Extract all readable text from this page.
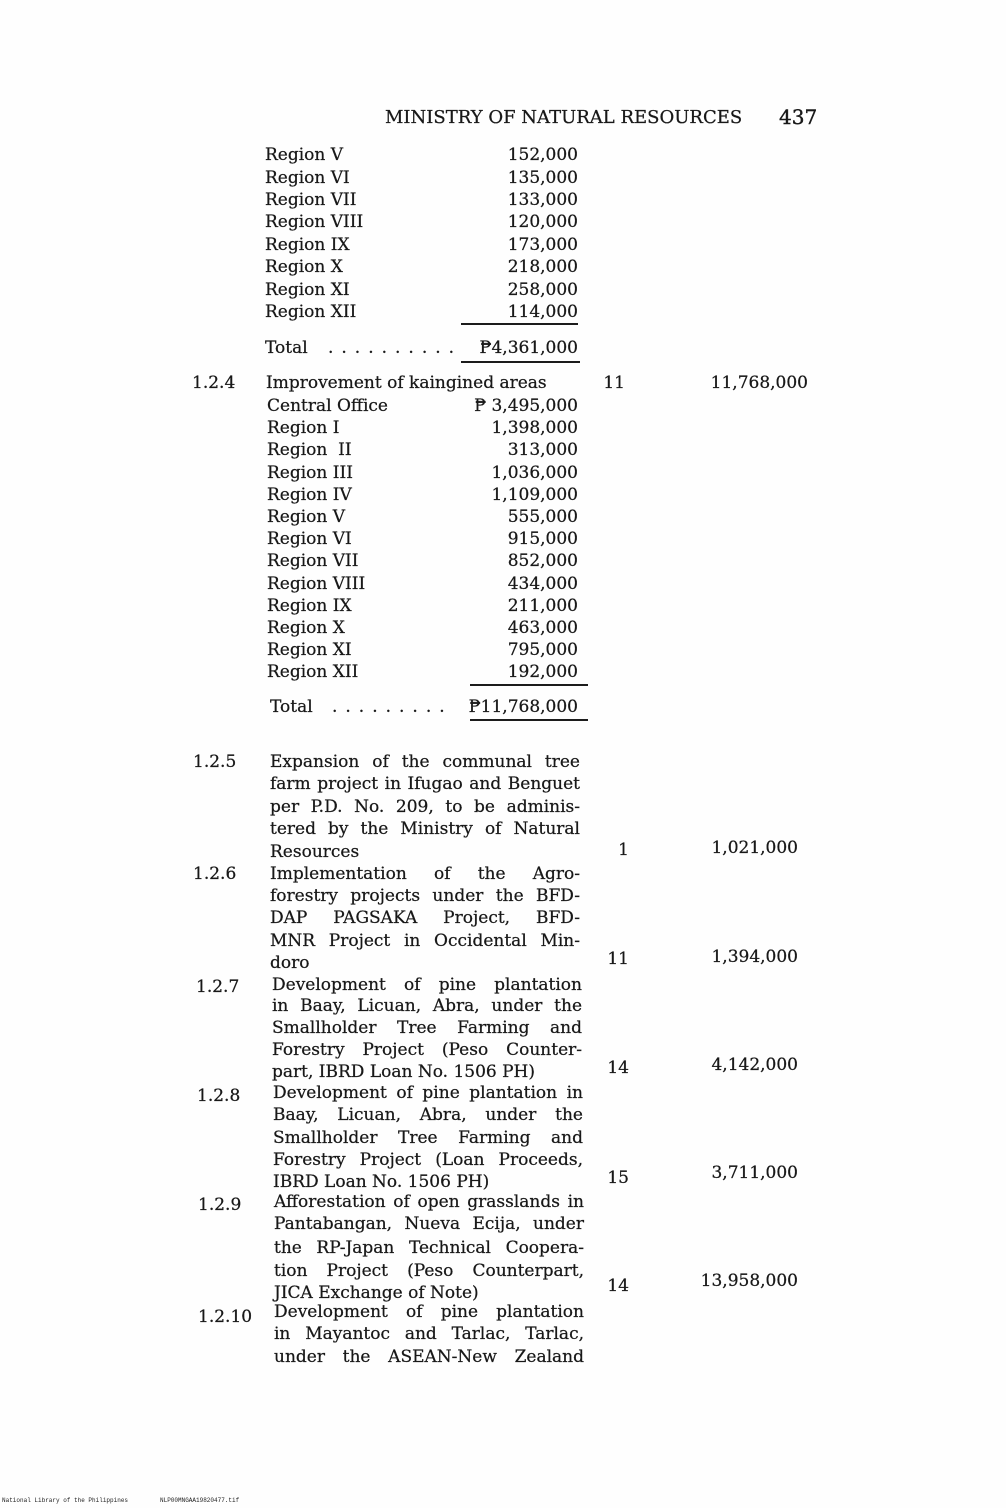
MINISTRY OF NATURAL RESOURCES 437
Region V	152,000
Region VI	135,000
Region VII	133,000
Region VIII	120,000
Region IX	173,000
Region X	218,000
Region XI	258,000
Region XII	114,000
Total ..........	₱4,361,000
1.2.4 Improvement of kaingined areas	11	11,768,000
Central Office	₱ 3,495,000
Region I	1,398,000
Region  II	313,000
Region III	1,036,000
Region IV	1,109,000
Region V	555,000
Region VI	915,000
Region VII	852,000
Region VIII	434,000
Region IX	211,000
Region X	463,000
Region XI	795,000
Region XII	192,000
Total ......... ₱11,768,000
1.2.5 Expansion of the communal tree
farm project in Ifugao and Benguet
per P.D. No. 209, to be adminis-
tered by the Ministry of Natural
Resources	1	1,021,000
1.2.6 Implementation of the Agro-
forestry projects under the BFD-
DAP PAGSAKA Project, BFD-
MNR Project in Occidental Min-
doro	11	1,394,000
1.2.7 Development of pine plantation
in Baay, Licuan, Abra, under the
Smallholder Tree Farming and
Forestry Project (Peso Counter-
part, IBRD Loan No. 1506 PH)	14	4,142,000
1.2.8 Development of pine plantation in
Baay, Licuan, Abra, under the
Smallholder Tree Farming and
Forestry Project (Loan Proceeds,
IBRD Loan No. 1506 PH)	15	3,711,000
1.2.9 Afforestation of open grasslands in
Pantabangan, Nueva Ecija, under
the RP-Japan Technical Coopera-
tion Project (Peso Counterpart,
JICA Exchange of Note)	14	13,958,000
1.2.10 Development of pine plantation
in Mayantoc and Tarlac, Tarlac,
under the ASEAN-New Zealand
National Library of the Philippines	NLP00MNGAA19820477.tif
